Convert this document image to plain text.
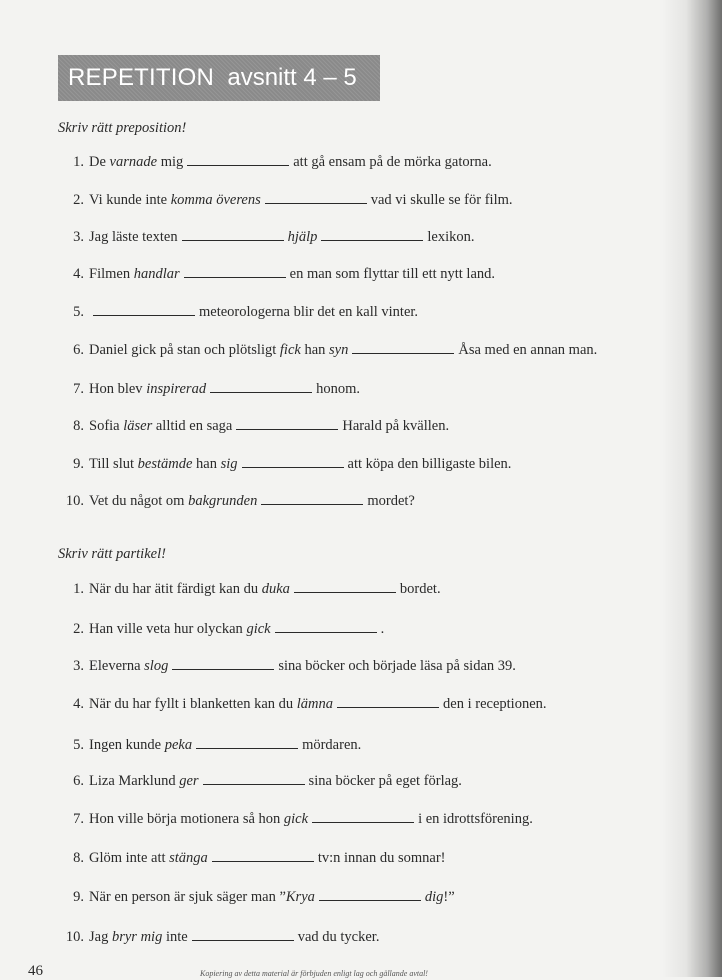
REPETITION avsnitt 4 – 5
Skriv rätt preposition!
1. De varnade mig	att gå ensam på de mörka gatorna.
2. Vi kunde inte komma överens	vad vi skulle se för film.
3. Jag läste texten	hjälp	lexikon.
4. Filmen handlar	en man som flyttar till ett nytt land.
5.	meteorologerna blir det en kall vinter.
6. Daniel gick på stan och plötsligt fick han syn	Åsa med en annan man.
7. Hon blev inspirerad	honom.
8. Sofia läser alltid en saga	Harald på kvällen.
9. Till slut bestämde han sig	att köpa den billigaste bilen.
10. Vet du något om bakgrunden	mordet?
Skriv rätt partikel!
1. När du har ätit färdigt kan du duka	bordet.
2. Han ville veta hur olyckan gick	.
3. Eleverna slog	sina böcker och började läsa på sidan 39.
4. När du har fyllt i blanketten kan du lämna	den i receptionen.
5. Ingen kunde peka	mördaren.
6. Liza Marklund ger	sina böcker på eget förlag.
7. Hon ville börja motionera så hon gick	i en idrottsförening.
8. Glöm inte att stänga	tv:n innan du somnar!
9. När en person är sjuk säger man ”Krya	dig!”
10. Jag bryr mig inte	vad du tycker.
46	Kopiering av detta material är förbjuden enligt lag och gällande avtal!
